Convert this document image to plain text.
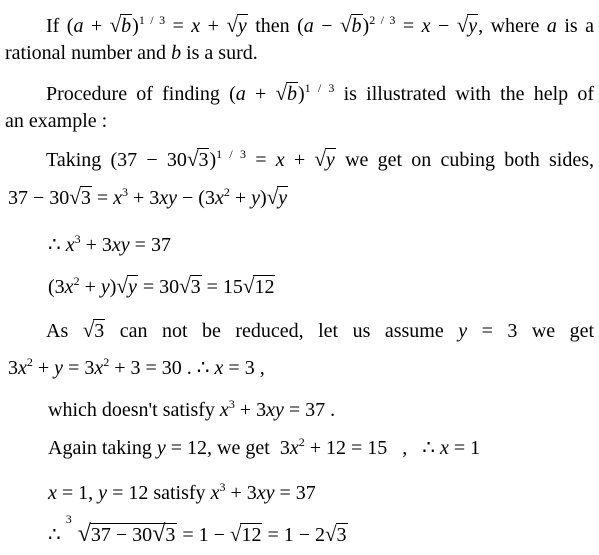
If $(a + √b)^{1 / 3} = x + √y$ then $(a - √b)^{2 / 3} = x - √y$, where a is a
rational number and b is a surd.
Procedure of finding $(a + √b)^{1 / 3}$ is illustrated with the help of
an example :
Taking $(37 - 30√3)^{1 / 3} = x + √y$ we get on cubing both sides,
$37 - 30√3 = x^3 + 3xy - (3x^2 + y)√y$
∴ $x^3 + 3xy = 37$
$(3x^2 + y)√y = 30√3 = 15√12$
As √3 can not be reduced, let us assume y = 3 we get
$3x^2 + y = 3x^2 + 3 = 30$ . ∴ x = 3 ,
which doesn't satisfy $x^3 + 3xy = 37$ .
Again taking y = 12, we get $3x^2 + 12 = 15$   ,   ∴ x = 1
x = 1, y = 12 satisfy $x^3 + 3xy = 37$
∴
3
√37 − 30√3 = 1 − √12 = 1 − 2√3
